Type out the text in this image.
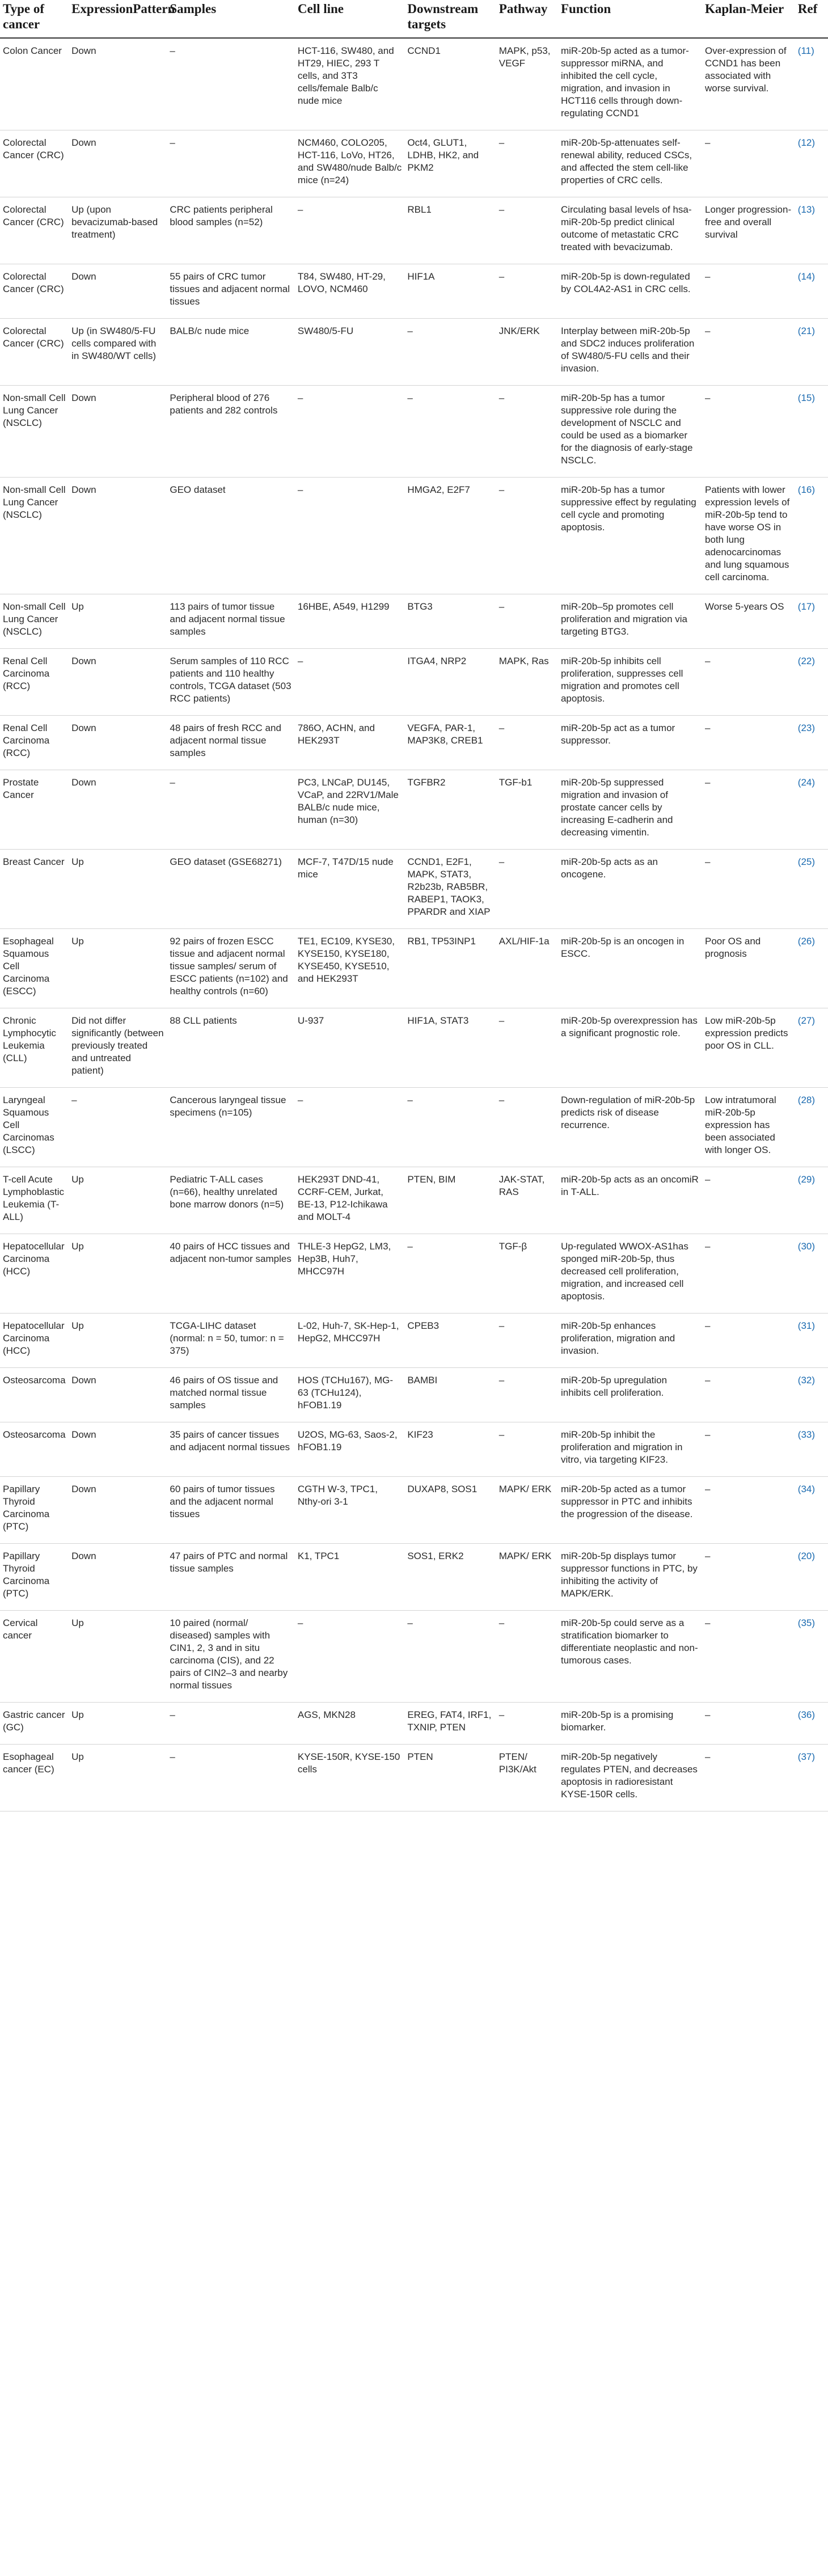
Type of cancer	ExpressionPattern	Samples	Cell line	Downstream targets	Pathway	Function	Kaplan-Meier	Ref
Colon Cancer	Down	–	HCT-116, SW480, and HT29, HIEC, 293 T cells, and 3T3 cells/female Balb/c nude mice	CCND1	MAPK, p53, VEGF	miR-20b-5p acted as a tumor-suppressor miRNA, and inhibited the cell cycle, migration, and invasion in HCT116 cells through down-regulating CCND1	Over-expression of CCND1 has been associated with worse survival.	(11)
Colorectal Cancer (CRC)	Down	–	NCM460, COLO205, HCT-116, LoVo, HT26, and SW480/nude Balb/c mice (n=24)	Oct4, GLUT1, LDHB, HK2, and PKM2	–	miR-20b-5p-attenuates self-renewal ability, reduced CSCs, and affected the stem cell-like properties of CRC cells.	–	(12)
Colorectal Cancer (CRC)	Up (upon bevacizumab-based treatment)	CRC patients peripheral blood samples (n=52)	–	RBL1	–	Circulating basal levels of hsa-miR-20b-5p predict clinical outcome of metastatic CRC treated with bevacizumab.	Longer progression-free and overall survival	(13)
Colorectal Cancer (CRC)	Down	55 pairs of CRC tumor tissues and adjacent normal tissues	T84, SW480, HT-29, LOVO, NCM460	HIF1A	–	miR-20b-5p is down-regulated by COL4A2-AS1 in CRC cells.	–	(14)
Colorectal Cancer (CRC)	Up (in SW480/5-FU cells compared with in SW480/WT cells)	BALB/c nude mice	SW480/5-FU	–	JNK/ERK	Interplay between miR-20b-5p and SDC2 induces proliferation of SW480/5-FU cells and their invasion.	–	(21)
Non-small Cell Lung Cancer (NSCLC)	Down	Peripheral blood of 276 patients and 282 controls	–	–	–	miR-20b-5p has a tumor suppressive role during the development of NSCLC and could be used as a biomarker for the diagnosis of early-stage NSCLC.	–	(15)
Non-small Cell Lung Cancer (NSCLC)	Down	GEO dataset	–	HMGA2, E2F7	–	miR-20b-5p has a tumor suppressive effect by regulating cell cycle and promoting apoptosis.	Patients with lower expression levels of miR-20b-5p tend to have worse OS in both lung adenocarcinomas and lung squamous cell carcinoma.	(16)
Non-small Cell Lung Cancer (NSCLC)	Up	113 pairs of tumor tissue and adjacent normal tissue samples	16HBE, A549, H1299	BTG3	–	miR-20b–5p promotes cell proliferation and migration via targeting BTG3.	Worse 5-years OS	(17)
Renal Cell Carcinoma (RCC)	Down	Serum samples of 110 RCC patients and 110 healthy controls, TCGA dataset (503 RCC patients)	–	ITGA4, NRP2	MAPK, Ras	miR-20b-5p inhibits cell proliferation, suppresses cell migration and promotes cell apoptosis.	–	(22)
Renal Cell Carcinoma (RCC)	Down	48 pairs of fresh RCC and adjacent normal tissue samples	786O, ACHN, and HEK293T	VEGFA, PAR-1, MAP3K8, CREB1	–	miR-20b-5p act as a tumor suppressor.	–	(23)
Prostate Cancer	Down	–	PC3, LNCaP, DU145, VCaP, and 22RV1/Male BALB/c nude mice, human (n=30)	TGFBR2	TGF-b1	miR-20b-5p suppressed migration and invasion of prostate cancer cells by increasing E-cadherin and decreasing vimentin.	–	(24)
Breast Cancer	Up	GEO dataset (GSE68271)	MCF-7, T47D/15 nude mice	CCND1, E2F1, MAPK, STAT3, R2b23b, RAB5BR, RABEP1, TAOK3, PPARDR and XIAP	–	miR-20b-5p acts as an oncogene.	–	(25)
Esophageal Squamous Cell Carcinoma (ESCC)	Up	92 pairs of frozen ESCC tissue and adjacent normal tissue samples/ serum of ESCC patients (n=102) and healthy controls (n=60)	TE1, EC109, KYSE30, KYSE150, KYSE180, KYSE450, KYSE510, and HEK293T	RB1, TP53INP1	AXL/HIF-1a	miR-20b-5p is an oncogen in ESCC.	Poor OS and prognosis	(26)
Chronic Lymphocytic Leukemia (CLL)	Did not differ significantly (between previously treated and untreated patient)	88 CLL patients	U-937	HIF1A, STAT3	–	miR-20b-5p overexpression has a significant prognostic role.	Low miR-20b-5p expression predicts poor OS in CLL.	(27)
Laryngeal Squamous Cell Carcinomas (LSCC)	–	Cancerous laryngeal tissue specimens (n=105)	–	–	–	Down-regulation of miR-20b-5p predicts risk of disease recurrence.	Low intratumoral miR-20b-5p expression has been associated with longer OS.	(28)
T-cell Acute Lymphoblastic Leukemia (T-ALL)	Up	Pediatric T-ALL cases (n=66), healthy unrelated bone marrow donors (n=5)	HEK293T DND-41, CCRF-CEM, Jurkat, BE-13, P12-Ichikawa and MOLT-4	PTEN, BIM	JAK-STAT, RAS	miR-20b-5p acts as an oncomiR in T-ALL.	–	(29)
Hepatocellular Carcinoma (HCC)	Up	40 pairs of HCC tissues and adjacent non-tumor samples	THLE-3 HepG2, LM3, Hep3B, Huh7, MHCC97H	–	TGF-β	Up-regulated WWOX-AS1has sponged miR-20b-5p, thus decreased cell proliferation, migration, and increased cell apoptosis.	–	(30)
Hepatocellular Carcinoma (HCC)	Up	TCGA-LIHC dataset (normal: n = 50, tumor: n = 375)	L-02, Huh-7, SK-Hep-1, HepG2, MHCC97H	CPEB3	–	miR-20b-5p enhances proliferation, migration and invasion.	–	(31)
Osteosarcoma	Down	46 pairs of OS tissue and matched normal tissue samples	HOS (TCHu167), MG-63 (TCHu124), hFOB1.19	BAMBI	–	miR-20b-5p upregulation inhibits cell proliferation.	–	(32)
Osteosarcoma	Down	35 pairs of cancer tissues and adjacent normal tissues	U2OS, MG-63, Saos-2, hFOB1.19	KIF23	–	miR-20b-5p inhibit the proliferation and migration in vitro, via targeting KIF23.	–	(33)
Papillary Thyroid Carcinoma (PTC)	Down	60 pairs of tumor tissues and the adjacent normal tissues	CGTH W-3, TPC1, Nthy-ori 3-1	DUXAP8, SOS1	MAPK/ ERK	miR-20b-5p acted as a tumor suppressor in PTC and inhibits the progression of the disease.	–	(34)
Papillary Thyroid Carcinoma (PTC)	Down	47 pairs of PTC and normal tissue samples	K1, TPC1	SOS1, ERK2	MAPK/ ERK	miR-20b-5p displays tumor suppressor functions in PTC, by inhibiting the activity of MAPK/ERK.	–	(20)
Cervical cancer	Up	10 paired (normal/ diseased) samples with CIN1, 2, 3 and in situ carcinoma (CIS), and 22 pairs of CIN2–3 and nearby normal tissues	–	–	–	miR-20b-5p could serve as a stratification biomarker to differentiate neoplastic and non-tumorous cases.	–	(35)
Gastric cancer (GC)	Up	–	AGS, MKN28	EREG, FAT4, IRF1, TXNIP, PTEN	–	miR-20b-5p is a promising biomarker.	–	(36)
Esophageal cancer (EC)	Up	–	KYSE-150R, KYSE-150 cells	PTEN	PTEN/ PI3K/Akt	miR-20b-5p negatively regulates PTEN, and decreases apoptosis in radioresistant KYSE-150R cells.	–	(37)
